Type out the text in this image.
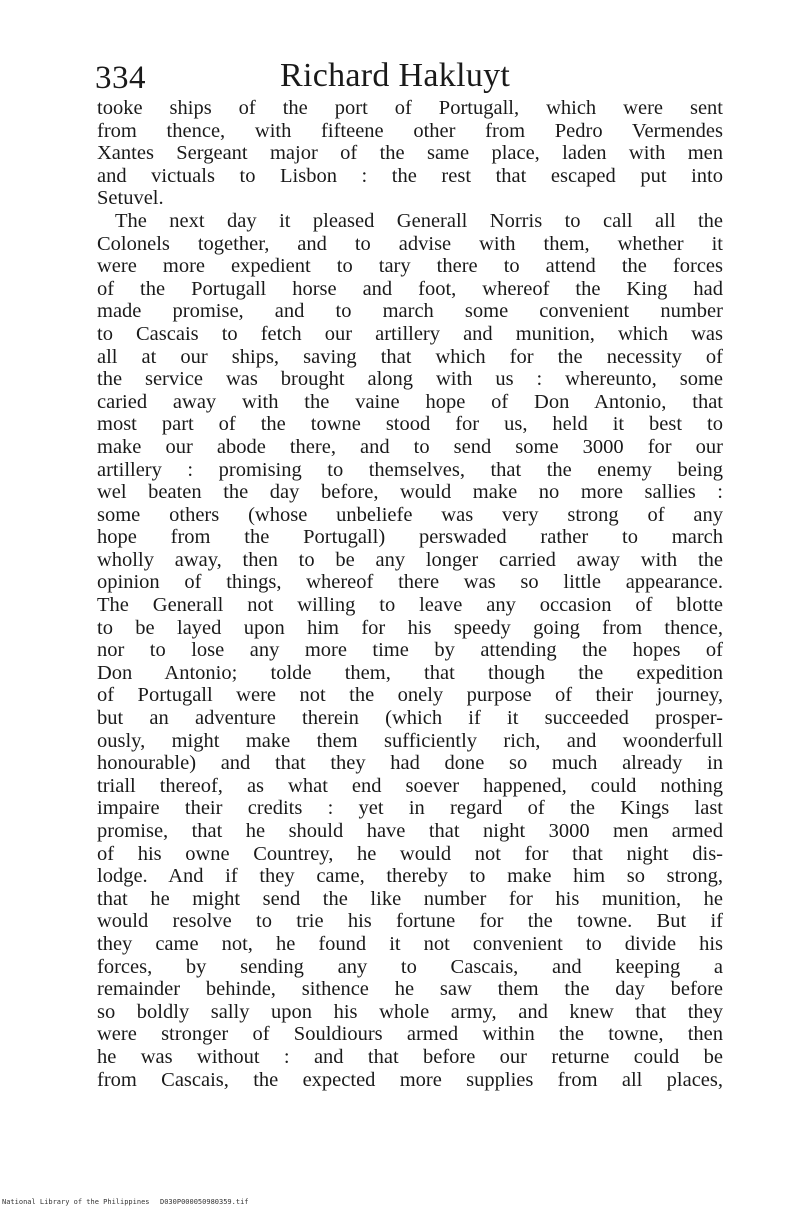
334	Richard Hakluyt
tooke ships of the port of Portugall, which were sent
from thence, with fifteene other from Pedro Vermendes
Xantes Sergeant major of the same place, laden with men
and victuals to Lisbon : the rest that escaped put into
Setuvel.
The next day it pleased Generall Norris to call all the
Colonels together, and to advise with them, whether it
were more expedient to tary there to attend the forces
of the Portugall horse and foot, whereof the King had
made promise, and to march some convenient number
to Cascais to fetch our artillery and munition, which was
all at our ships, saving that which for the necessity of
the service was brought along with us : whereunto, some
caried away with the vaine hope of Don Antonio, that
most part of the towne stood for us, held it best to
make our abode there, and to send some 3000 for our
artillery : promising to themselves, that the enemy being
wel beaten the day before, would make no more sallies :
some others (whose unbeliefe was very strong of any
hope from the Portugall) perswaded rather to march
wholly away, then to be any longer carried away with the
opinion of things, whereof there was so little appearance.
The Generall not willing to leave any occasion of blotte
to be layed upon him for his speedy going from thence,
nor to lose any more time by attending the hopes of
Don Antonio; tolde them, that though the expedition
of Portugall were not the onely purpose of their journey,
but an adventure therein (which if it succeeded prosper-
ously, might make them sufficiently rich, and woonderfull
honourable) and that they had done so much already in
triall thereof, as what end soever happened, could nothing
impaire their credits : yet in regard of the Kings last
promise, that he should have that night 3000 men armed
of his owne Countrey, he would not for that night dis-
lodge. And if they came, thereby to make him so strong,
that he might send the like number for his munition, he
would resolve to trie his fortune for the towne. But if
they came not, he found it not convenient to divide his
forces, by sending any to Cascais, and keeping a
remainder behinde, sithence he saw them the day before
so boldly sally upon his whole army, and knew that they
were stronger of Souldiours armed within the towne, then
he was without : and that before our returne could be
from Cascais, the expected more supplies from all places,
National Library of the Philippines D030P000050980359.tif
